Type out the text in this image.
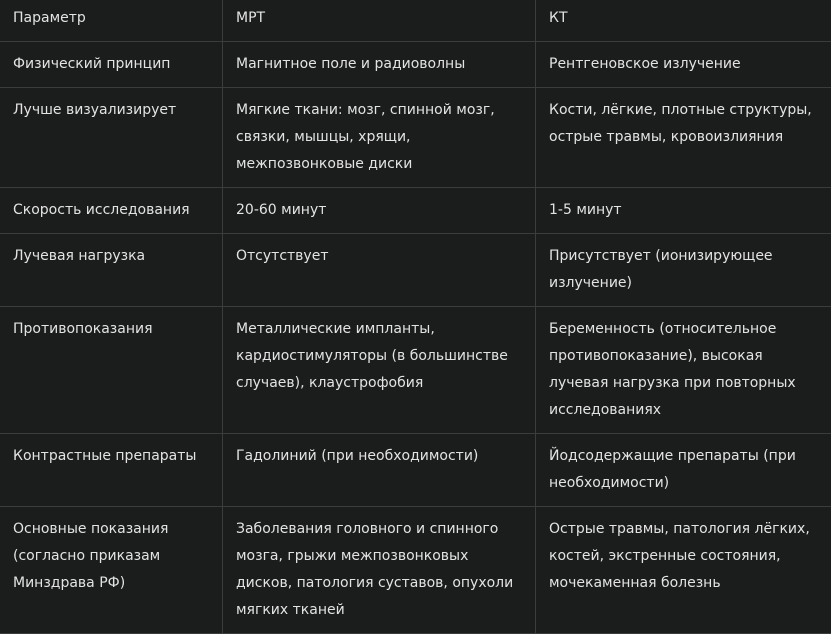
Параметр	МРТ	КТ
Физический принцип	Магнитное поле и радиоволны	Рентгеновское излучение
Лучше визуализирует	Мягкие ткани: мозг, спинной мозг, связки, мышцы, хрящи, межпозвонковые диски	Кости, лёгкие, плотные структуры, острые травмы, кровоизлияния
Скорость исследования	20-60 минут	1-5 минут
Лучевая нагрузка	Отсутствует	Присутствует (ионизирующее излучение)
Противопоказания	Металлические импланты, кардиостимуляторы (в большинстве случаев), клаустрофобия	Беременность (относительное противопоказание), высокая лучевая нагрузка при повторных исследованиях
Контрастные препараты	Гадолиний (при необходимости)	Йодсодержащие препараты (при необходимости)
Основные показания (согласно приказам Минздрава РФ)	Заболевания головного и спинного мозга, грыжи межпозвонковых дисков, патология суставов, опухоли мягких тканей	Острые травмы, патология лёгких, костей, экстренные состояния, мочекаменная болезнь
